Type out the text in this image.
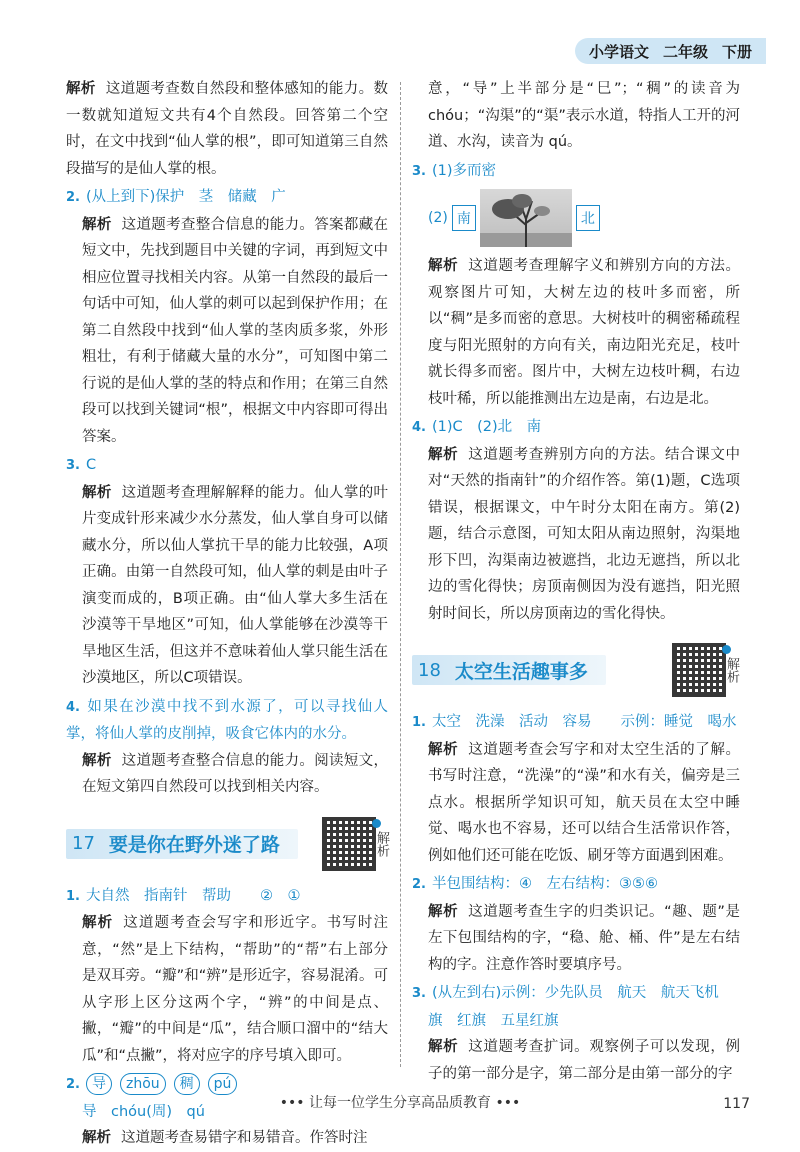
小学语文 二年级 下册

解析 这道题考查数自然段和整体感知的能力。数一数就知道短文共有4个自然段。回答第二个空时，在文中找到“仙人掌的根”，即可知道第三自然段描写的是仙人掌的根。

2. (从上到下)保护　茎　储藏　广

解析 这道题考查整合信息的能力。答案都藏在短文中，先找到题目中关键的字词，再到短文中相应位置寻找相关内容。从第一自然段的最后一句话中可知，仙人掌的刺可以起到保护作用；在第二自然段中找到“仙人掌的茎肉质多浆，外形粗壮，有利于储藏大量的水分”，可知图中第二行说的是仙人掌的茎的特点和作用；在第三自然段可以找到关键词“根”，根据文中内容即可得出答案。

3. C

解析 这道题考查理解解释的能力。仙人掌的叶片变成针形来减少水分蒸发，仙人掌自身可以储藏水分，所以仙人掌抗干旱的能力比较强，A项正确。由第一自然段可知，仙人掌的刺是由叶子演变而成的，B项正确。由“仙人掌大多生活在沙漠等干旱地区”可知，仙人掌能够在沙漠等干旱地区生活，但这并不意味着仙人掌只能生活在沙漠地区，所以C项错误。

4. 如果在沙漠中找不到水源了，可以寻找仙人掌，将仙人掌的皮削掉，吸食它体内的水分。

解析 这道题考查整合信息的能力。阅读短文，在短文第四自然段可以找到相关内容。

17 要是你在野外迷了路	解析

1. 大自然　指南针　帮助　　②　①

解析 这道题考查会写字和形近字。书写时注意，“然”是上下结构，“帮助”的“帮”右上部分是双耳旁。“瓣”和“辨”是形近字，容易混淆。可从字形上区分这两个字，“辨”的中间是点、撇，“瓣”的中间是“瓜”，结合顺口溜中的“结大瓜”和“点撇”，将对应字的序号填入即可。

2. 导 zhōu 稠 pú

导　chóu(周)　qú

解析 这道题考查易错字和易错音。作答时注

意，“导”上半部分是“巳”；“稠”的读音为 chóu；“沟渠”的“渠”表示水道，特指人工开的河道、水沟，读音为 qú。

3. (1)多而密

(2) 南	北

解析 这道题考查理解字义和辨别方向的方法。观察图片可知，大树左边的枝叶多而密，所以“稠”是多而密的意思。大树枝叶的稠密稀疏程度与阳光照射的方向有关，南边阳光充足，枝叶就长得多而密。图片中，大树左边枝叶稠，右边枝叶稀，所以能推测出左边是南，右边是北。

4. (1)C　(2)北　南

解析 这道题考查辨别方向的方法。结合课文中对“天然的指南针”的介绍作答。第(1)题，C选项错误，根据课文，中午时分太阳在南方。第(2)题，结合示意图，可知太阳从南边照射，沟渠地形下凹，沟渠南边被遮挡，北边无遮挡，所以北边的雪化得快；房顶南侧因为没有遮挡，阳光照射时间长，所以房顶南边的雪化得快。

18 太空生活趣事多	解析

1. 太空　洗澡　活动　容易　　示例：睡觉　喝水

解析 这道题考查会写字和对太空生活的了解。书写时注意，“洗澡”的“澡”和水有关，偏旁是三点水。根据所学知识可知，航天员在太空中睡觉、喝水也不容易，还可以结合生活常识作答，例如他们还可能在吃饭、刷牙等方面遇到困难。

2. 半包围结构：④　左右结构：③⑤⑥

解析 这道题考查生字的归类识记。“趣、题”是左下包围结构的字，“稳、舱、桶、件”是左右结构的字。注意作答时要填序号。

3. (从左到右)示例：少先队员　航天　航天飞机

旗　红旗　五星红旗

解析 这道题考查扩词。观察例子可以发现，例子的第一部分是字，第二部分是由第一部分的字

••• 让每一位学生分享高品质教育 •••	117
